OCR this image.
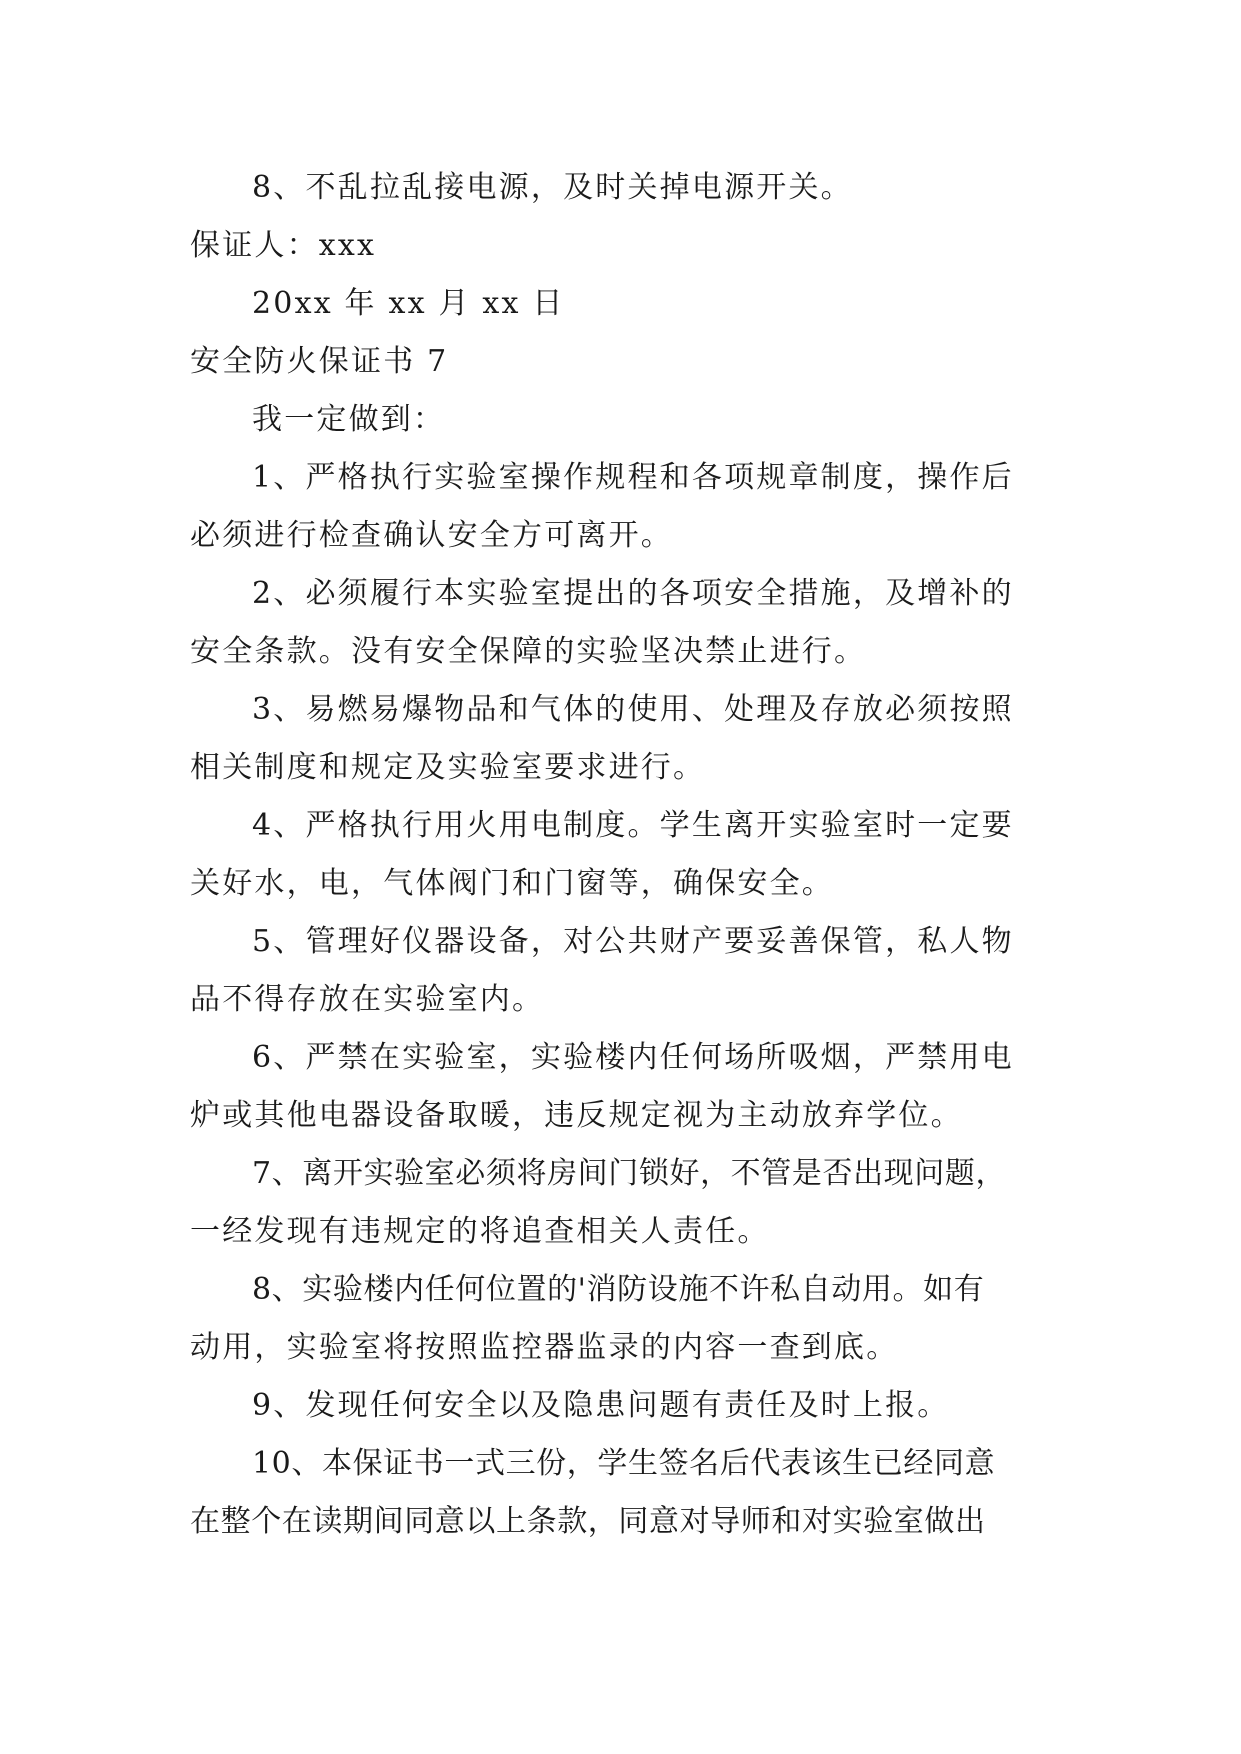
8、不乱拉乱接电源，及时关掉电源开关。
保证人：xxx
20xx 年 xx 月 xx 日
安全防火保证书 7
我一定做到：
1、严格执行实验室操作规程和各项规章制度，操作后
必须进行检查确认安全方可离开。
2、必须履行本实验室提出的各项安全措施，及增补的
安全条款。没有安全保障的实验坚决禁止进行。
3、易燃易爆物品和气体的使用、处理及存放必须按照
相关制度和规定及实验室要求进行。
4、严格执行用火用电制度。学生离开实验室时一定要
关好水，电，气体阀门和门窗等，确保安全。
5、管理好仪器设备，对公共财产要妥善保管，私人物
品不得存放在实验室内。
6、严禁在实验室，实验楼内任何场所吸烟，严禁用电
炉或其他电器设备取暖，违反规定视为主动放弃学位。
7、离开实验室必须将房间门锁好，不管是否出现问题，
一经发现有违规定的将追查相关人责任。
8、实验楼内任何位置的'消防设施不许私自动用。如有
动用，实验室将按照监控器监录的内容一查到底。
9、发现任何安全以及隐患问题有责任及时上报。
10、本保证书一式三份，学生签名后代表该生已经同意
在整个在读期间同意以上条款，同意对导师和对实验室做出
